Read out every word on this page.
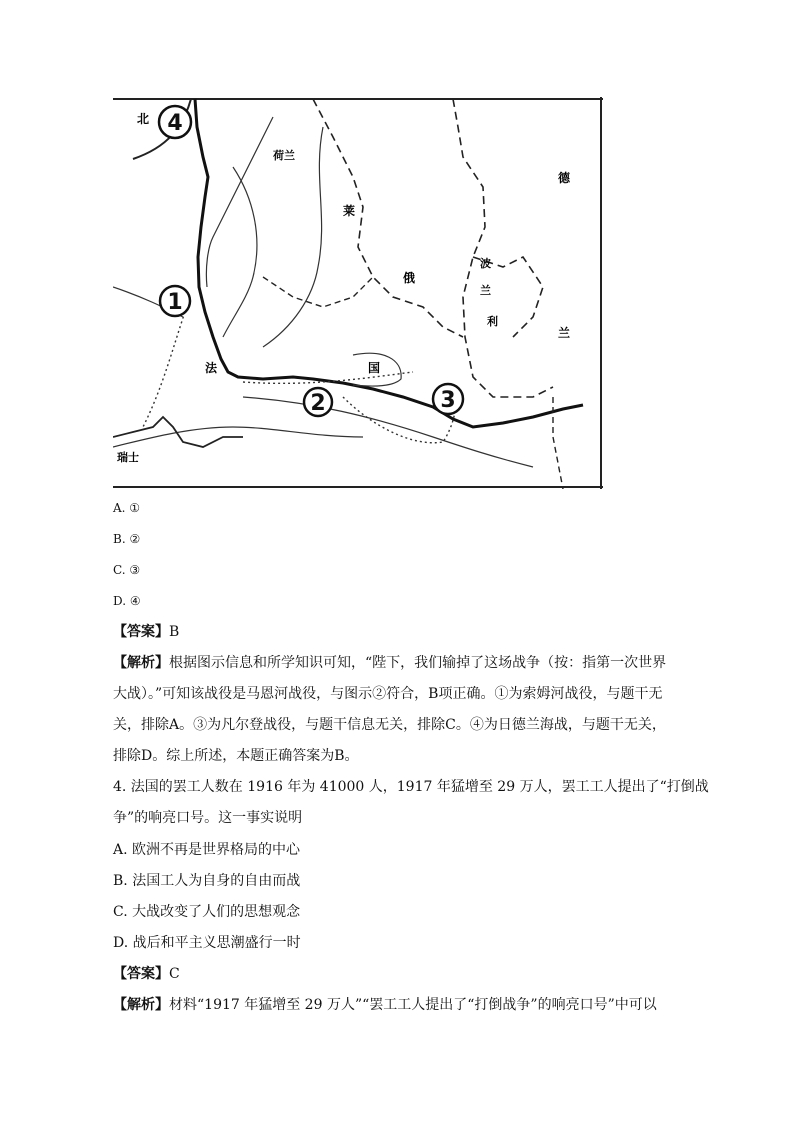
4
1
2	3
北
荷兰
莱
德
俄
波
兰
利
兰
法	国
瑞士
A. ①
B. ②
C. ③
D. ④
【答案】B
【解析】根据图示信息和所学知识可知，“陛下，我们输掉了这场战争（按：指第一次世界
大战）。”可知该战役是马恩河战役，与图示②符合，B项正确。①为索姆河战役，与题干无
关，排除A。③为凡尔登战役，与题干信息无关，排除C。④为日德兰海战，与题干无关，
排除D。综上所述，本题正确答案为B。
4. 法国的罢工人数在 1916 年为 41000 人，1917 年猛增至 29 万人，罢工工人提出了“打倒战
争”的响亮口号。这一事实说明
A. 欧洲不再是世界格局的中心
B. 法国工人为自身的自由而战
C. 大战改变了人们的思想观念
D. 战后和平主义思潮盛行一时
【答案】C
【解析】材料“1917 年猛增至 29 万人”“罢工工人提出了“打倒战争”的响亮口号”中可以
